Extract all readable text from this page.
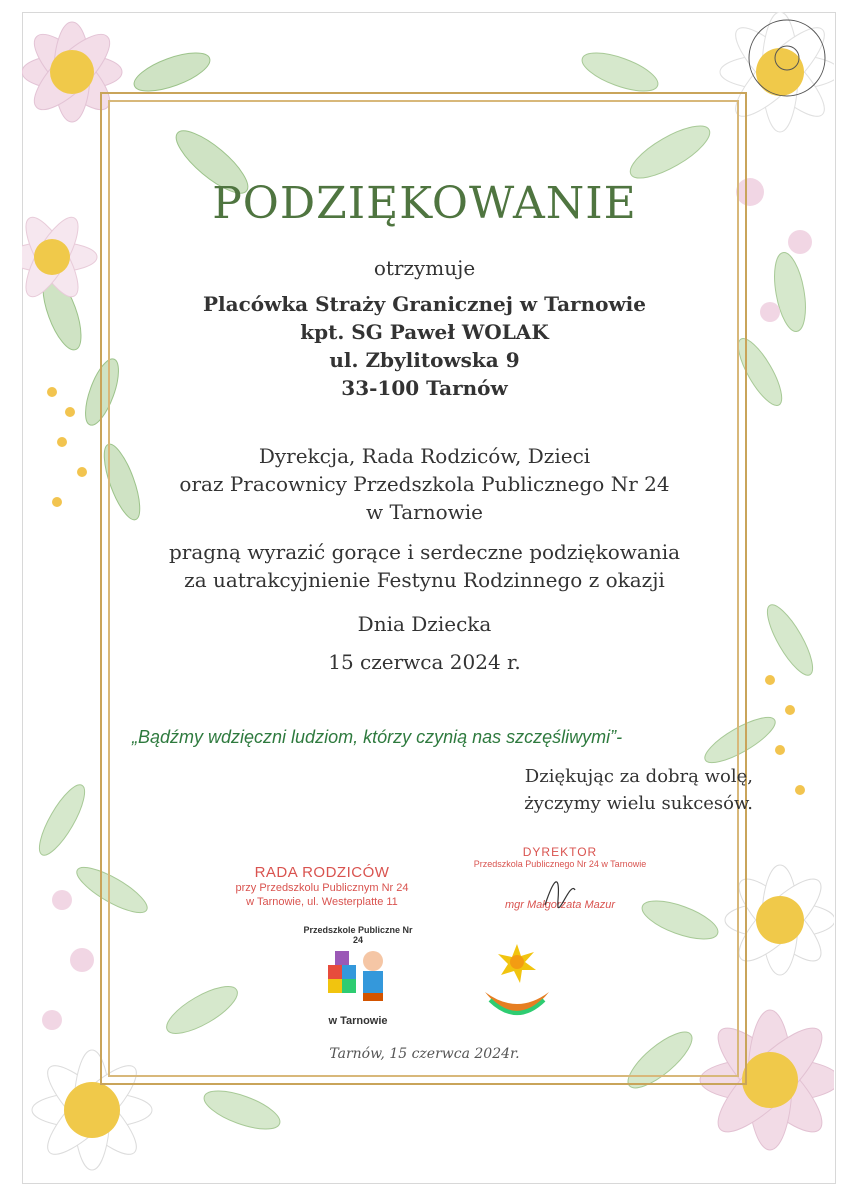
PODZIĘKOWANIE
otrzymuje
Placówka Straży Granicznej w Tarnowie
kpt. SG Paweł WOLAK
ul. Zbylitowska 9
33-100 Tarnów
Dyrekcja, Rada Rodziców, Dzieci
oraz Pracownicy Przedszkola Publicznego Nr 24
w Tarnowie
pragną wyrazić gorące i serdeczne podziękowania
za uatrakcyjnienie Festynu Rodzinnego z okazji
Dnia Dziecka
15 czerwca 2024 r.
„Bądźmy wdzięczni ludziom, którzy czynią nas szczęśliwymi”-
Dziękując za dobrą wolę,
życzymy wielu sukcesów.
RADA RODZICÓW
przy Przedszkolu Publicznym Nr 24
w Tarnowie, ul. Westerplatte 11
DYREKTOR
Przedszkola Publicznego Nr 24 w Tarnowie
mgr Małgorzata Mazur
Przedszkole Publiczne Nr 24
w Tarnowie
Tarnów, 15 czerwca 2024r.
